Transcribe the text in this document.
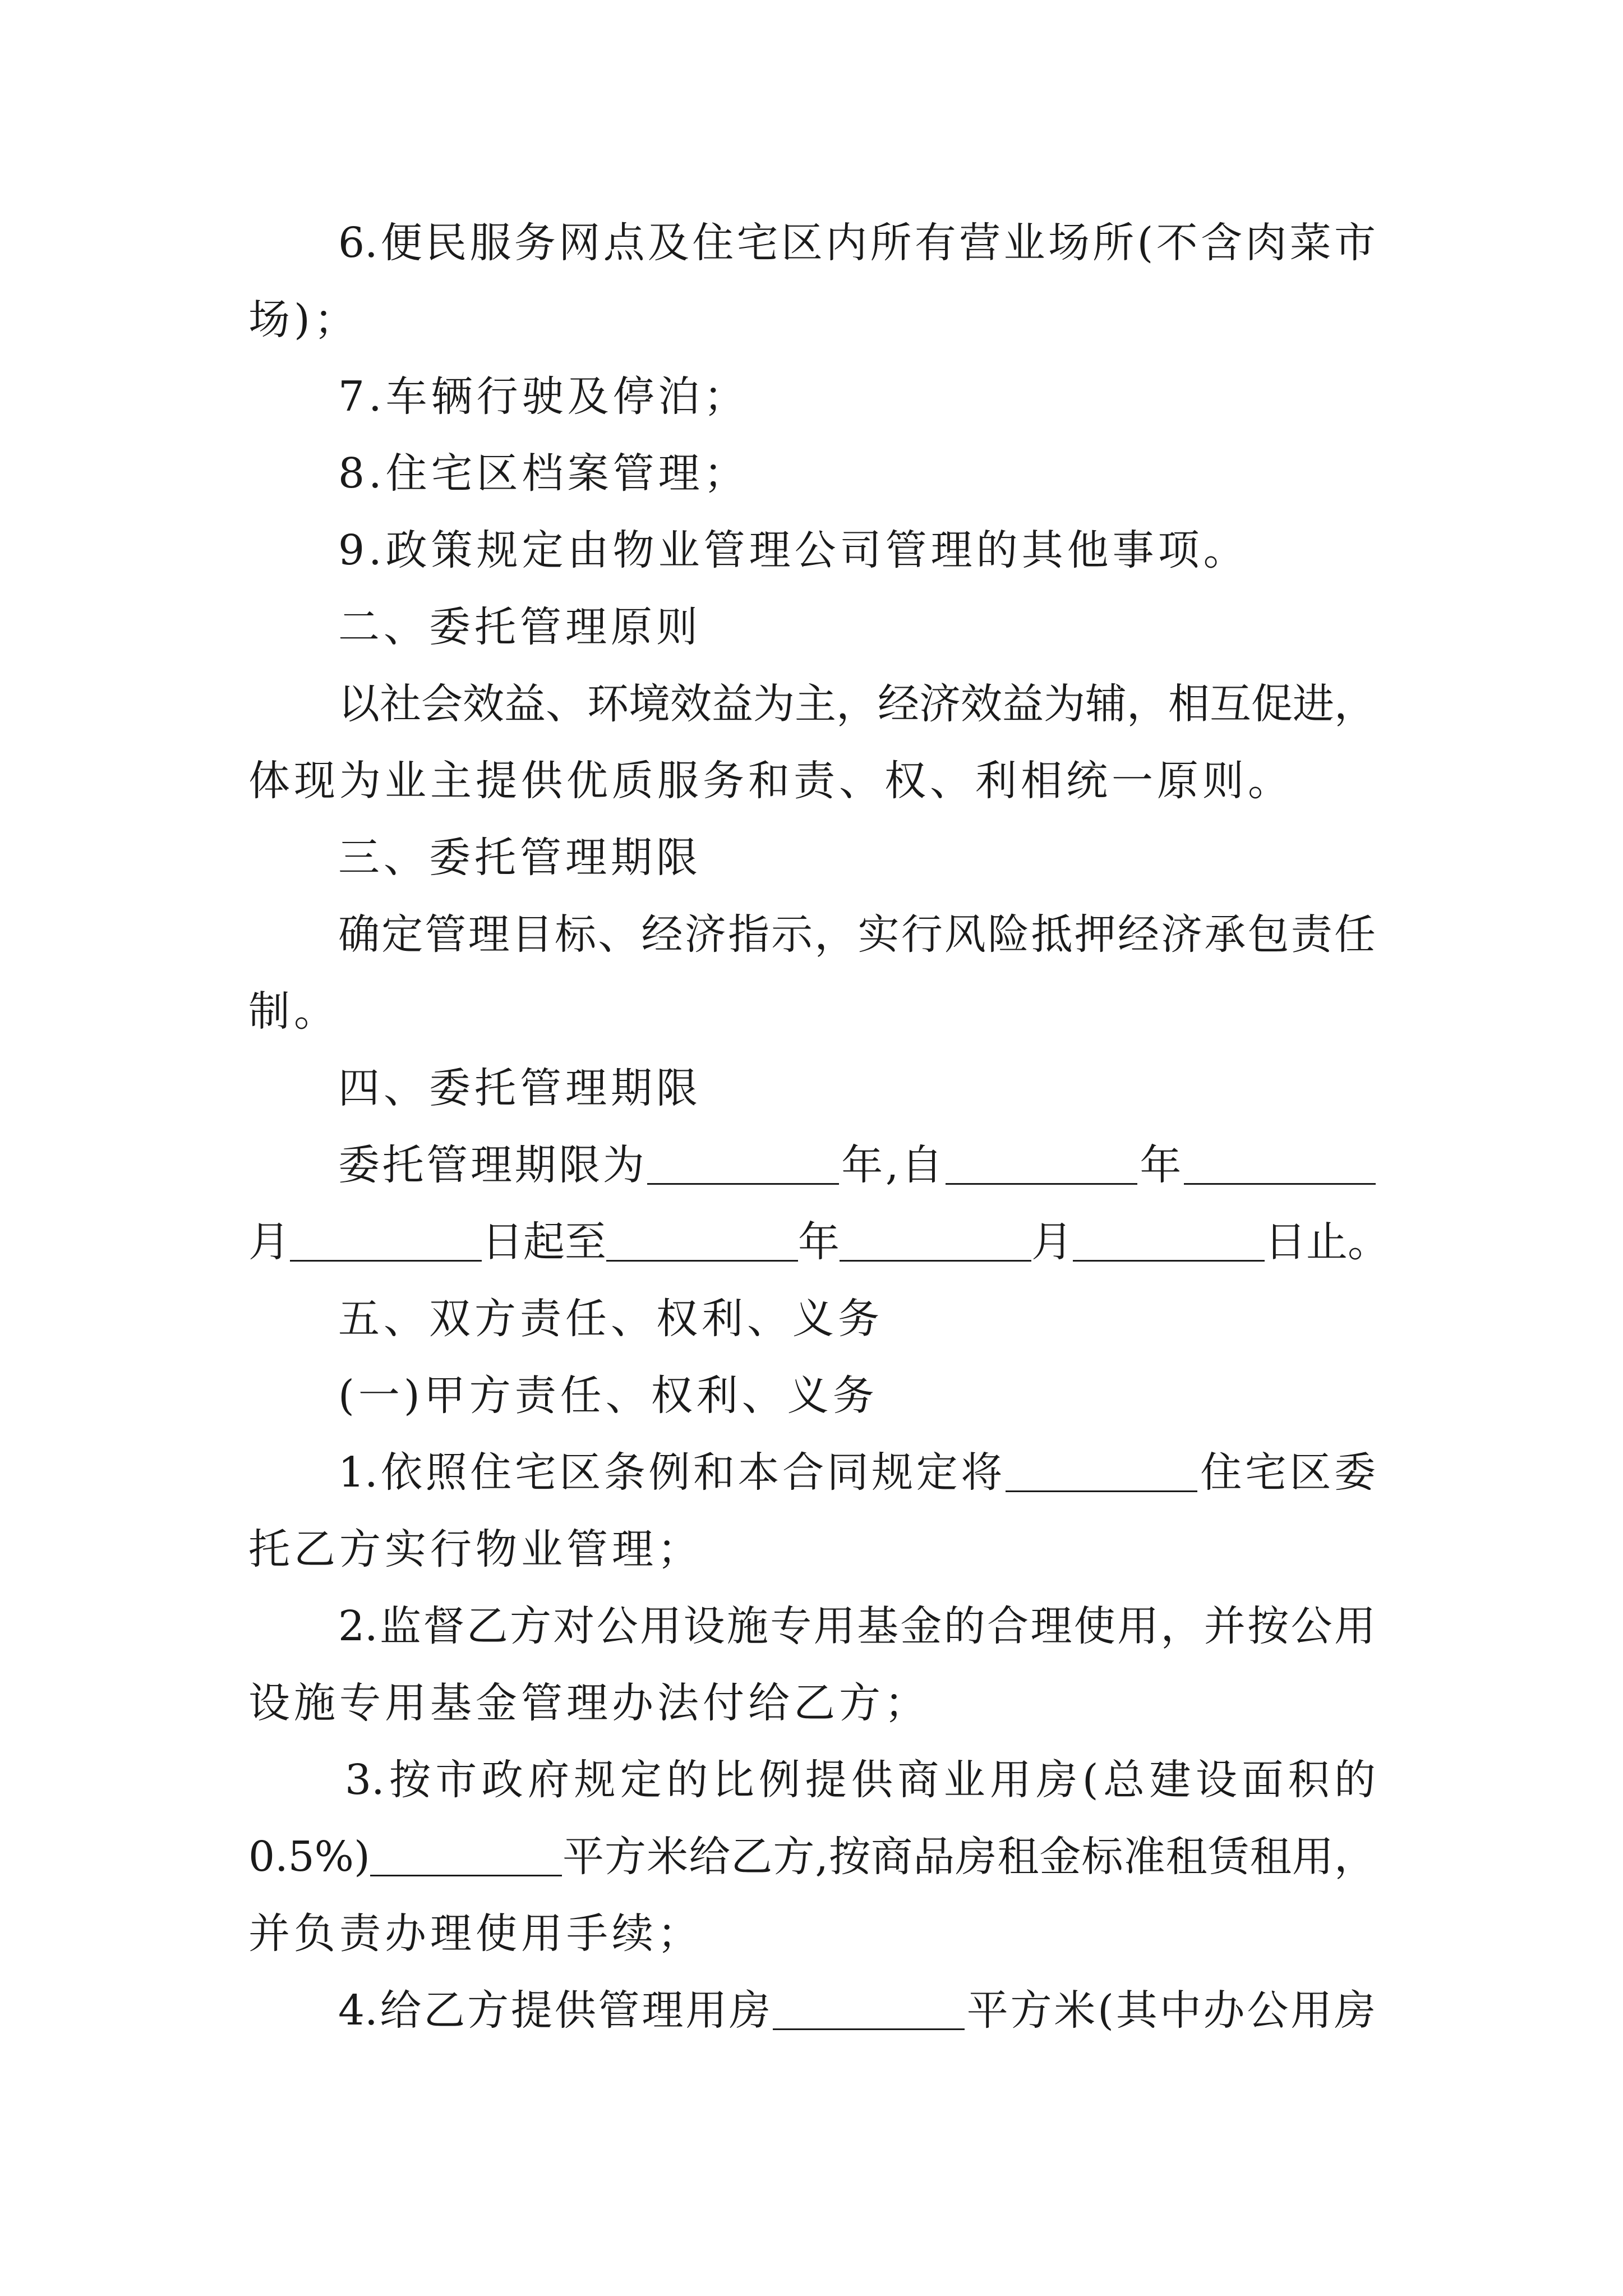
6.便民服务网点及住宅区内所有营业场所(不含肉菜市
场)；
7.车辆行驶及停泊；
8.住宅区档案管理；
9.政策规定由物业管理公司管理的其他事项。
二、委托管理原则
以社会效益、环境效益为主，经济效益为辅，相互促进，
体现为业主提供优质服务和责、权、利相统一原则。
三、委托管理期限
确定管理目标、经济指示，实行风险抵押经济承包责任
制。
四、委托管理期限
委托管理期限为	年,自	年
月	日起至	年	月	日止。
五、双方责任、权利、义务
(一)甲方责任、权利、义务
1.依照住宅区条例和本合同规定将	住宅区委
托乙方实行物业管理；
2.监督乙方对公用设施专用基金的合理使用，并按公用
设施专用基金管理办法付给乙方；
3.按市政府规定的比例提供商业用房(总建设面积的
0.5%)	平方米给乙方,按商品房租金标准租赁租用，
并负责办理使用手续；
4.给乙方提供管理用房	平方米(其中办公用房
